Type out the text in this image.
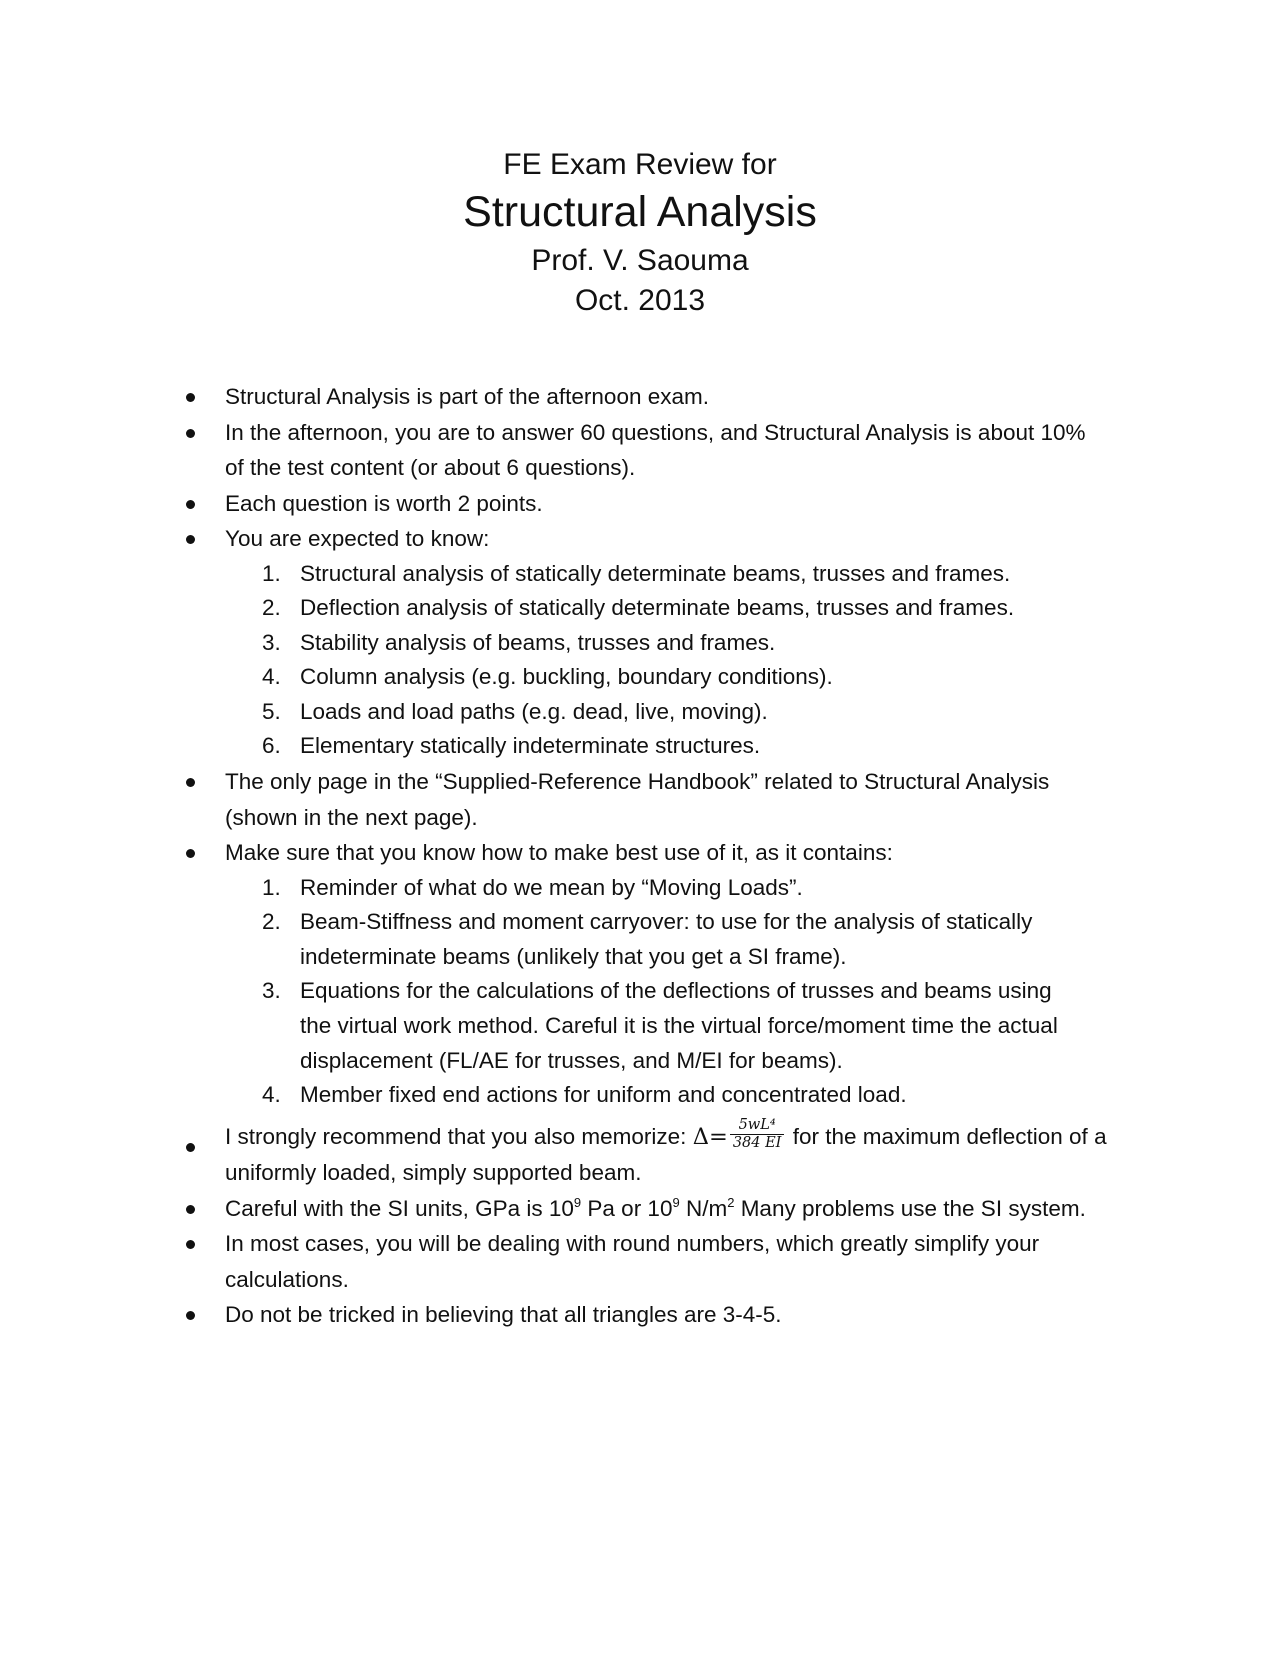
FE Exam Review for
Structural Analysis
Prof. V. Saouma
Oct. 2013
Structural Analysis is part of the afternoon exam.
In the afternoon, you are to answer 60 questions, and Structural Analysis is about 10% of the test content (or about 6 questions).
Each question is worth 2 points.
You are expected to know:
1. Structural analysis of statically determinate beams, trusses and frames.
2. Deflection analysis of statically determinate beams, trusses and frames.
3. Stability analysis of beams, trusses and frames.
4. Column analysis (e.g. buckling, boundary conditions).
5. Loads and load paths (e.g. dead, live, moving).
6. Elementary statically indeterminate structures.
The only page in the “Supplied-Reference Handbook” related to Structural Analysis (shown in the next page).
Make sure that you know how to make best use of it, as it contains:
1. Reminder of what do we mean by “Moving Loads”.
2. Beam-Stiffness and moment carryover: to use for the analysis of statically indeterminate beams (unlikely that you get a SI frame).
3. Equations for the calculations of the deflections of trusses and beams using the virtual work method. Careful it is the virtual force/moment time the actual displacement (FL/AE for trusses, and M/EI for beams).
4. Member fixed end actions for uniform and concentrated load.
I strongly recommend that you also memorize: $\Delta= \frac{\text{5wL⁴}}{384 EI}$ for the maximum deflection of a uniformly loaded, simply supported beam.
Careful with the SI units, GPa is $10^9$ Pa or $10^9$ $N/m^2$ Many problems use the SI system.
In most cases, you will be dealing with round numbers, which greatly simplify your calculations.
Do not be tricked in believing that all triangles are 3-4-5.
